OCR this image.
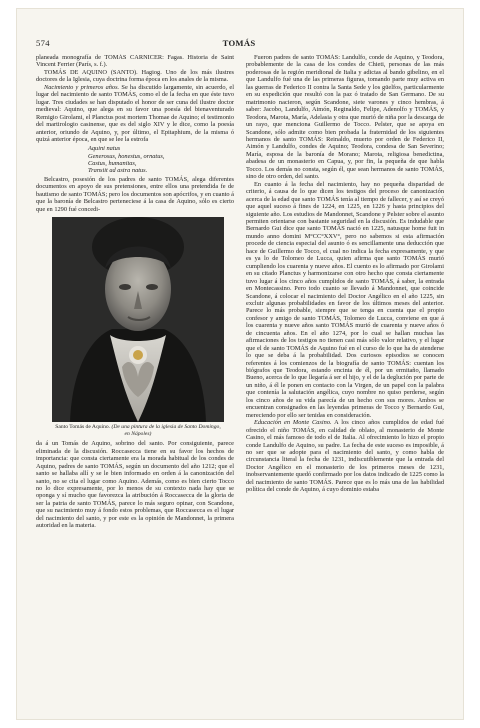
574	TOMÁS

planeada monografía de TOMÁS CARNICER: Fagas. Historia de Saint Vincent Ferrier (París, s. f.).

TOMÁS DE AQUINO (SANTO). Hagiog. Uno de los más ilustres doctores de la Iglesia, cuya doctrina forma época en los anales de la misma.

Nacimiento y primeros años. Se ha discutido largamente, sin acuerdo, el lugar del nacimiento de santo TOMÁS, como el de la fecha en que éste tuvo lugar. Tres ciudades se han disputado el honor de ser cuna del ilustre doctor medieval: Aquino, que alega en su favor una poesía del bienaventurado Remigio Girolami, el Planctus post mortem Thomae de Aquino; el testimonio del martirologio casinense, que es del siglo XIV y le dice, como la poesía anterior, oriundo de Aquino, y, por último, el Epitaphium, de la misma ó quizá anterior época, en que se lee la estrofa

Aquini natus
Generosus, honestus, ornatus,
Castus, humanitas,
Transiit ad astra natus.

Belcastro, posesión de los padres de santo TOMÁS, alega diferentes documentos en apoyo de sus pretensiones, entre ellos una pretendida fe de bautismo de santo TOMÁS; pero los documentos son apócrifos, y en cuanto á que la baronía de Belcastro perteneciese á la casa de Aquino, sólo es cierto que en 1290 fué concedi-

Santo Tomás de Aquino. (De una pintura de la iglesia de Santo Domingo, en Nápoles)

da á un Tomás de Aquino, sobrino del santo. Por consiguiente, parece eliminada de la discusión. Roccasecca tiene en su favor los hechos de importancia: que consta ciertamente era la morada habitual de los condes de Aquino, padres de santo TOMÁS, según un documento del año 1212; que el santo se hallaba allí y se le bien informado en orden á la canonización del santo, no se cita el lugar como Aquino. Además, como es bien cierto Tocco no lo dice expresamente, por lo menos de su contexto nada hay que se oponga y sí mucho que favorezca la atribución á Roccasecca de la gloria de ser la patria de santo TOMÁS, parece lo más seguro opinar, con Scandone, que su nacimiento muy á fondo estos problemas, que Roccasecca es el lugar del nacimiento del santo, y por este es la opinión de Mandonnet, la primera autoridad en la materia.

Fueron padres de santo TOMÁS: Landulfo, conde de Aquino, y Teodora, probablemente de la casa de los condes de Chieti, personas de las más poderosas de la región meridional de Italia y adictas al bando gibelino, en el que Landulfo fué una de las primeras figuras, tomando parte muy activa en las guerras de Federico II contra la Santa Sede y los güelfos, particularmente en su expedición que resultó con la paz ó tratado de San Germano. De su matrimonio nacieron, según Scandone, siete varones y cinco hembras, á saber: Jacobo, Landulfo, Aimón, Reginaldo, Felipe, Adenolfo y TOMÁS, y Teodora, Marota, María, Adelasia y otra que murió de niña por la descarga de un rayo, que menciona Guillermo de Tocco. Pelster, que se apoya en Scandone, sólo admite como bien probada la fraternidad de los siguientes hermanos de santo TOMÁS: Reinaldo, muerto por orden de Federico II, Aimón y Landulfo, condes de Aquino; Teodora, condesa de San Severino; María, esposa de la baronía de Morano; Marota, religiosa benedictina, abadesa de un monasterio en Capua, y, por fin, la pequeña de que habla Tocco. Los demás no consta, según él, que sean hermanos de santo TOMÁS, sino de otro orden, del santo.

En cuanto á la fecha del nacimiento, hay no pequeña disparidad de criterio, á causa de lo que dicen los testigos del proceso de canonización acerca de la edad que santo TOMÁS tenía al tiempo de fallecer, y así se creyó que aquel suceso á fines de 1224, en 1225, en 1226 y hasta principios del siguiente año. Los estudios de Mandonnet, Scandone y Pelster sobre el asunto permiten orientarse con bastante seguridad en la discusión. Es indudable que Bernardo Gui dice que santo TOMÁS nació en 1225, natusque home fuit in mundo anno domini M°CC°XXV°, pero no sabemos si esta afirmación procede de ciencia especial del asunto ó es sencillamente una deducción que hace de Guillermo de Tocco, el cual no indica la fecha expresamente, y que es ya lo de Tolomeo de Lucca, quien afirma que santo TOMÁS murió cumpliendo los cuarenta y nueve años. El cuento es lo afirmado por Girolami en su citado Planctus y harmonizarse con otro hecho que consta ciertamente tuvo lugar á los cinco años cumplidos de santo TOMÁS, á saber, la entrada en Montecassino. Pero todo cuanto se llevado á Mandonnet, que coincide Scandone, á colocar el nacimiento del Doctor Angélico en el año 1225, sin excluir algunas probabilidades en favor de los últimos meses del anterior. Parece lo más probable, siempre que se tenga en cuenta que el propio confesor y amigo de santo TOMÁS, Tolomeo de Lucca, conviene en que á los cuarenta y nueve años santo TOMÁS murió de cuarenta y nueve años ó de cincuenta años. En el año 1274, por lo cual se hallan muchas las afirmaciones de los testigos no tienen casi más sólo valor relativo, y el lugar que el de santo TOMÁS de Aquino fué en el curso de lo que ha de atenderse lo que se deba á la probabilidad. Dos curiosos episodios se conocen referentes á los comienzos de la biografía de santo TOMÁS: cuentan los biógrafos que Teodora, estando encinta de él, por un ermitaño, llamado Bueno, acerca de lo que llegaría á ser el hijo, y el de la deglución por parte de un niño, á él le ponen en contacto con la Virgen, de un papel con la palabra que contenía la salutación angélica, cuyo nombre no quiso perderse, según los cinco años de su vida parecía de un hecho con sus mores. Ambos se encuentran consignados en las leyendas primeras de Tocco y Bernardo Gui, mereciendo por ello ser tenidas en consideración.

Educación en Monte Casino. A los cinco años cumplidos de edad fué ofrecido el niño TOMÁS, en calidad de oblato, al monasterio de Monte Casino, el más famoso de todo el de Italia. Al ofrecimiento lo hizo el propio conde Landulfo de Aquino, su padre. La fecha de este suceso es imposible, á no ser que se adopte para el nacimiento del santo, y como habla de circunstancia literal la fecha de 1231, indiscutiblemente que la entrada del Doctor Angélico en el monasterio de los primeros meses de 1231, inobservantemente quedó confirmado por los datos indicado de 1225 como la del nacimiento de santo TOMÁS. Parece que es lo más una de las habilidad política del conde de Aquino, á cuyo dominio estaba
